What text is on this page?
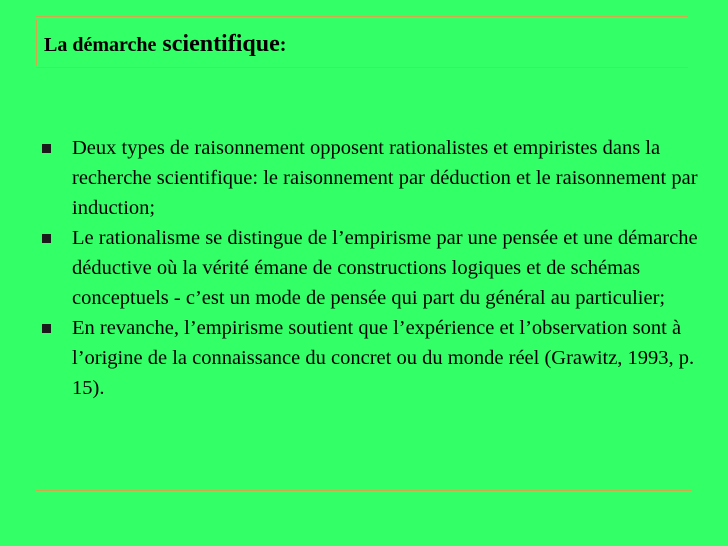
La démarche scientifique:
Deux types de raisonnement opposent rationalistes et empiristes dans la recherche scientifique: le raisonnement par déduction et le raisonnement par induction;
Le rationalisme se distingue de l’empirisme par une pensée et une démarche déductive où la vérité émane de constructions logiques et de schémas conceptuels - c’est un mode de pensée qui part du général au particulier;
En revanche, l’empirisme soutient que l’expérience et l’observation sont à l’origine de la connaissance du concret ou du monde réel (Grawitz, 1993, p. 15).
